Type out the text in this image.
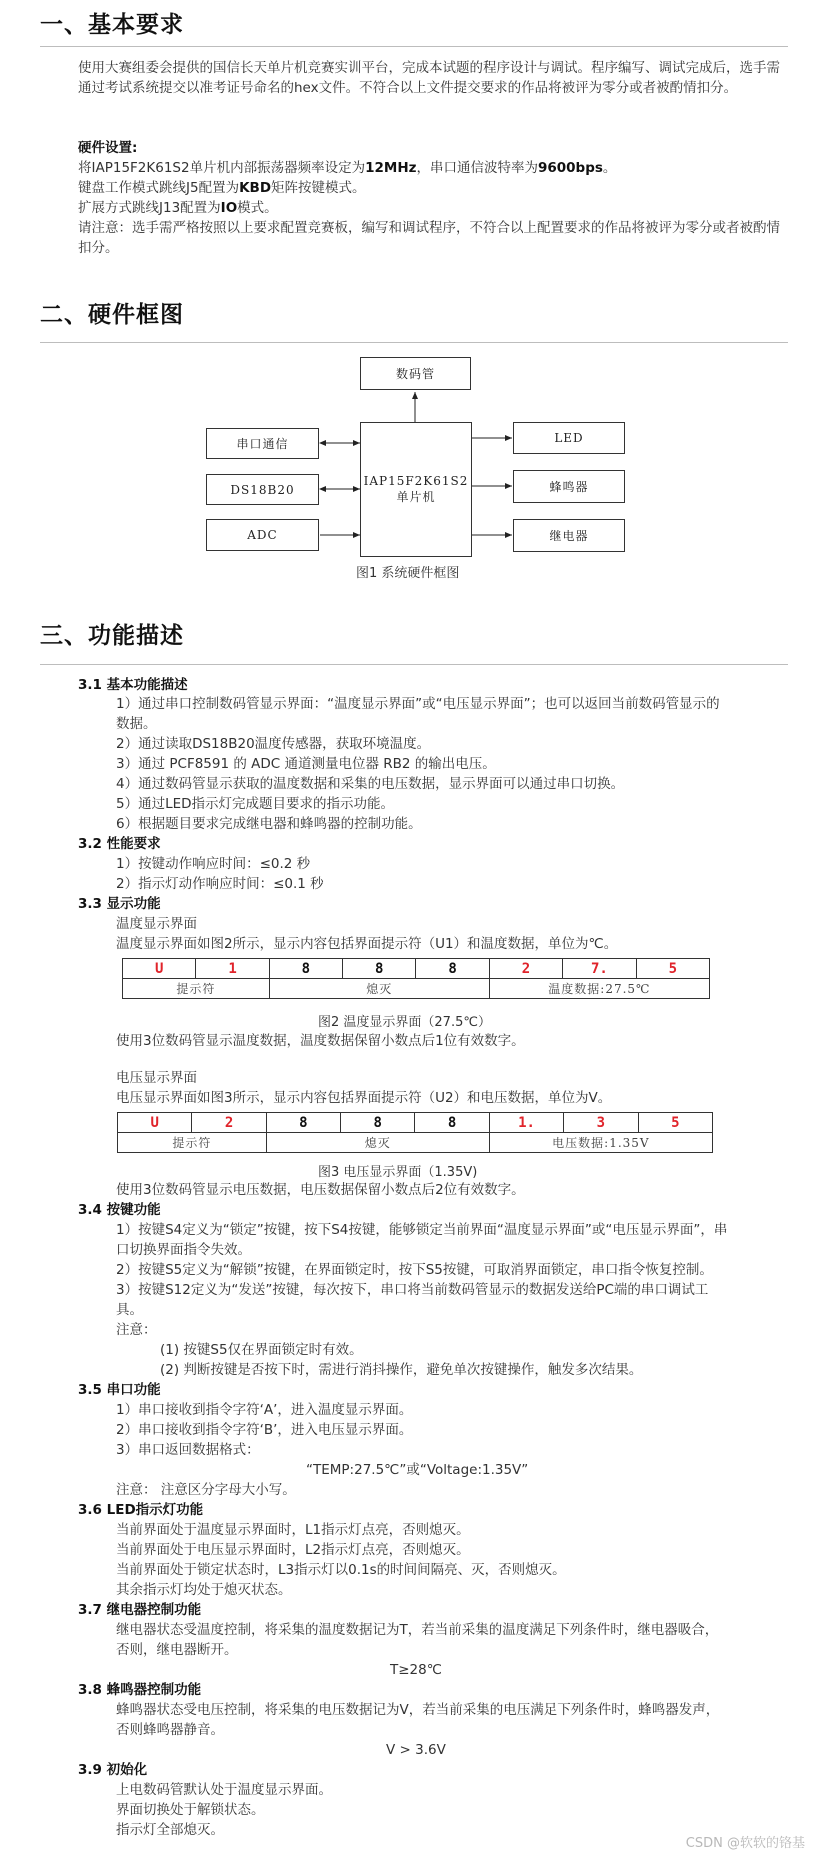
一、基本要求
使用大赛组委会提供的国信长天单片机竞赛实训平台，完成本试题的程序设计与调试。程序编写、调试完成后，选手需通过考试系统提交以准考证号命名的hex文件。不符合以上文件提交要求的作品将被评为零分或者被酌情扣分。
硬件设置:
将IAP15F2K61S2单片机内部振荡器频率设定为12MHz，串口通信波特率为9600bps。
键盘工作模式跳线J5配置为KBD矩阵按键模式。
扩展方式跳线J13配置为IO模式。
请注意：选手需严格按照以上要求配置竞赛板，编写和调试程序，不符合以上配置要求的作品将被评为零分或者被酌情扣分。
二、硬件框图
数码管
IAP15F2K61S2
单片机
串口通信
DS18B20
ADC
LED
蜂鸣器
继电器
图1 系统硬件框图
三、功能描述
3.1 基本功能描述
1）通过串口控制数码管显示界面：“温度显示界面”或“电压显示界面”；也可以返回当前数码管显示的
数据。
2）通过读取DS18B20温度传感器，获取环境温度。
3）通过 PCF8591 的 ADC 通道测量电位器 RB2 的输出电压。
4）通过数码管显示获取的温度数据和采集的电压数据，显示界面可以通过串口切换。
5）通过LED指示灯完成题目要求的指示功能。
6）根据题目要求完成继电器和蜂鸣器的控制功能。
3.2 性能要求
1）按键动作响应时间：≤0.2 秒
2）指示灯动作响应时间：≤0.1 秒
3.3 显示功能
温度显示界面
温度显示界面如图2所示，显示内容包括界面提示符（U1）和温度数据，单位为℃。
U	1	8	8	8	2	7.	5
提示符		熄灭			温度数据:27.5℃		
图2 温度显示界面（27.5℃）
使用3位数码管显示温度数据，温度数据保留小数点后1位有效数字。
电压显示界面
电压显示界面如图3所示，显示内容包括界面提示符（U2）和电压数据，单位为V。
U	2	8	8	8	1.	3	5
提示符		熄灭			电压数据:1.35V		
图3 电压显示界面（1.35V)
使用3位数码管显示电压数据，电压数据保留小数点后2位有效数字。
3.4 按键功能
1）按键S4定义为“锁定”按键，按下S4按键，能够锁定当前界面“温度显示界面”或“电压显示界面”，串
口切换界面指令失效。
2）按键S5定义为“解锁”按键，在界面锁定时，按下S5按键，可取消界面锁定，串口指令恢复控制。
3）按键S12定义为“发送”按键，每次按下，串口将当前数码管显示的数据发送给PC端的串口调试工
具。
注意：
(1) 按键S5仅在界面锁定时有效。
(2) 判断按键是否按下时，需进行消抖操作，避免单次按键操作，触发多次结果。
3.5 串口功能
1）串口接收到指令字符‘A’，进入温度显示界面。
2）串口接收到指令字符‘B’，进入电压显示界面。
3）串口返回数据格式：
“TEMP:27.5℃”或“Voltage:1.35V”
注意： 注意区分字母大小写。
3.6 LED指示灯功能
当前界面处于温度显示界面时，L1指示灯点亮，否则熄灭。
当前界面处于电压显示界面时，L2指示灯点亮，否则熄灭。
当前界面处于锁定状态时，L3指示灯以0.1s的时间间隔亮、灭，否则熄灭。
其余指示灯均处于熄灭状态。
3.7 继电器控制功能
继电器状态受温度控制，将采集的温度数据记为T，若当前采集的温度满足下列条件时，继电器吸合，
否则，继电器断开。
T≥28℃
3.8 蜂鸣器控制功能
蜂鸣器状态受电压控制，将采集的电压数据记为V，若当前采集的电压满足下列条件时，蜂鸣器发声，
否则蜂鸣器静音。
V > 3.6V
3.9 初始化
上电数码管默认处于温度显示界面。
界面切换处于解锁状态。
指示灯全部熄灭。
CSDN @软软的铬基
